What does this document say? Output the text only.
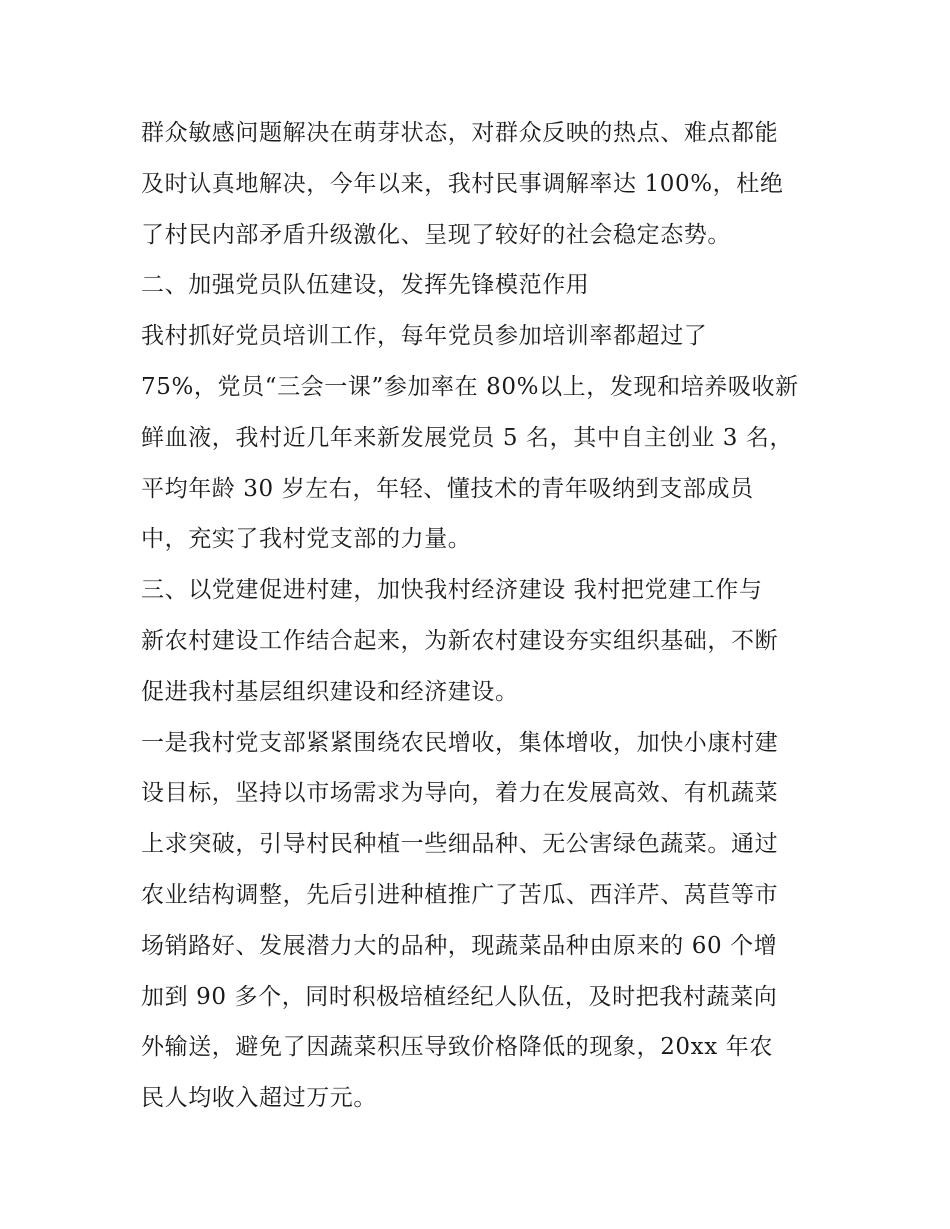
群众敏感问题解决在萌芽状态，对群众反映的热点、难点都能
及时认真地解决，今年以来，我村民事调解率达 100%，杜绝
了村民内部矛盾升级激化、呈现了较好的社会稳定态势。
二、加强党员队伍建设，发挥先锋模范作用
我村抓好党员培训工作，每年党员参加培训率都超过了
75%，党员“三会一课”参加率在 80%以上，发现和培养吸收新
鲜血液，我村近几年来新发展党员 5 名，其中自主创业 3 名，
平均年龄 30 岁左右，年轻、懂技术的青年吸纳到支部成员
中，充实了我村党支部的力量。
三、以党建促进村建，加快我村经济建设 我村把党建工作与
新农村建设工作结合起来，为新农村建设夯实组织基础，不断
促进我村基层组织建设和经济建设。
一是我村党支部紧紧围绕农民增收，集体增收，加快小康村建
设目标，坚持以市场需求为导向，着力在发展高效、有机蔬菜
上求突破，引导村民种植一些细品种、无公害绿色蔬菜。通过
农业结构调整，先后引进种植推广了苦瓜、西洋芹、莴苣等市
场销路好、发展潜力大的品种，现蔬菜品种由原来的 60 个增
加到 90 多个，同时积极培植经纪人队伍，及时把我村蔬菜向
外输送，避免了因蔬菜积压导致价格降低的现象，20xx 年农
民人均收入超过万元。
